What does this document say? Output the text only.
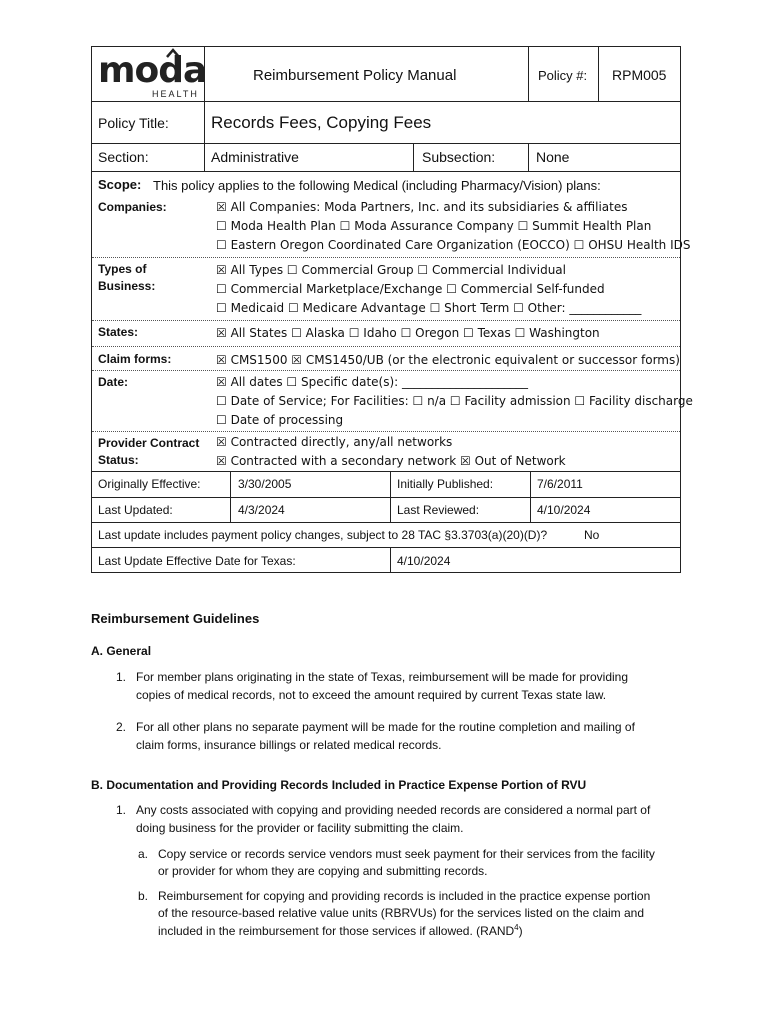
moda
HEALTH
Reimbursement Policy Manual	Policy #: RPM005
Policy Title: Records Fees, Copying Fees
Section:	Administrative	Subsection:	None
Scope: This policy applies to the following Medical (including Pharmacy/Vision) plans:
Companies:	☒ All Companies: Moda Partners, Inc. and its subsidiaries & affiliates
☐ Moda Health Plan ☐ Moda Assurance Company ☐ Summit Health Plan
☐ Eastern Oregon Coordinated Care Organization (EOCCO) ☐ OHSU Health IDS
Types of
Business:
☒ All Types ☐ Commercial Group ☐ Commercial Individual
☐ Commercial Marketplace/Exchange ☐ Commercial Self-funded
☐ Medicaid ☐ Medicare Advantage ☐ Short Term ☐ Other: ____________
States:	☒ All States ☐ Alaska ☐ Idaho ☐ Oregon ☐ Texas ☐ Washington
Claim forms:	☒ CMS1500 ☒ CMS1450/UB (or the electronic equivalent or successor forms)
Date:	☒ All dates ☐ Specific date(s): _____________________
☐ Date of Service; For Facilities: ☐ n/a ☐ Facility admission ☐ Facility discharge
☐ Date of processing
Provider Contract
Status:
☒ Contracted directly, any/all networks
☒ Contracted with a secondary network ☒ Out of Network
Originally Effective:	3/30/2005	Initially Published:	7/6/2011
Last Updated:	4/3/2024	Last Reviewed:	4/10/2024
Last update includes payment policy changes, subject to 28 TAC §3.3703(a)(20)(D)?	No
Last Update Effective Date for Texas:	4/10/2024
Reimbursement Guidelines
A. General
1. For member plans originating in the state of Texas, reimbursement will be made for providing
copies of medical records, not to exceed the amount required by current Texas state law.
2. For all other plans no separate payment will be made for the routine completion and mailing of
claim forms, insurance billings or related medical records.
B. Documentation and Providing Records Included in Practice Expense Portion of RVU
1. Any costs associated with copying and providing needed records are considered a normal part of
doing business for the provider or facility submitting the claim.
a. Copy service or records service vendors must seek payment for their services from the facility
or provider for whom they are copying and submitting records.
b. Reimbursement for copying and providing records is included in the practice expense portion
of the resource-based relative value units (RBRVUs) for the services listed on the claim and
included in the reimbursement for those services if allowed. (RAND$^4$)
